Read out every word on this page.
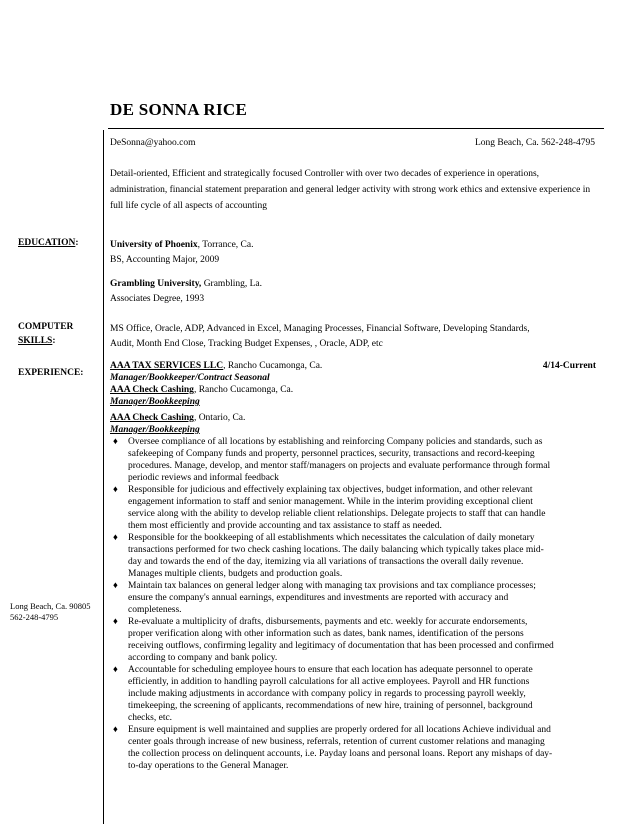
DE SONNA RICE
DeSonna@yahoo.com	Long Beach, Ca. 562-248-4795
Detail-oriented, Efficient and strategically focused Controller with over two decades of experience in operations, administration, financial statement preparation and general ledger activity with strong work ethics and extensive experience in full life cycle of all aspects of accounting
EDUCATION:	University of Phoenix, Torrance, Ca.
BS, Accounting Major, 2009
Grambling University, Grambling, La.
Associates Degree, 1993
COMPUTER
SKILLS:
MS Office, Oracle, ADP, Advanced in Excel, Managing Processes, Financial Software, Developing Standards,
Audit, Month End Close, Tracking Budget Expenses, , Oracle, ADP, etc
EXPERIENCE:
AAA TAX SERVICES LLC, Rancho Cucamonga, Ca.	4/14-Current
Manager/Bookkeeper/Contract Seasonal
AAA Check Cashing, Rancho Cucamonga, Ca.
Manager/Bookkeeping
AAA Check Cashing, Ontario, Ca.
Manager/Bookkeeping
♦ Oversee compliance of all locations by establishing and reinforcing Company policies and standards, such as
safekeeping of Company funds and property, personnel practices, security, transactions and record-keeping
procedures. Manage, develop, and mentor staff/managers on projects and evaluate performance through formal
periodic reviews and informal feedback
♦ Responsible for judicious and effectively explaining tax objectives, budget information, and other relevant
engagement information to staff and senior management. While in the interim providing exceptional client
service along with the ability to develop reliable client relationships. Delegate projects to staff that can handle
them most efficiently and provide accounting and tax assistance to staff as needed.
♦ Responsible for the bookkeeping of all establishments which necessitates the calculation of daily monetary
transactions performed for two check cashing locations. The daily balancing which typically takes place mid-
day and towards the end of the day, itemizing via all variations of transactions the overall daily revenue.
Manages multiple clients, budgets and production goals.
♦ Maintain tax balances on general ledger along with managing tax provisions and tax compliance processes;
ensure the company's annual earnings, expenditures and investments are reported with accuracy and
completeness.
♦ Re-evaluate a multiplicity of drafts, disbursements, payments and etc. weekly for accurate endorsements,
proper verification along with other information such as dates, bank names, identification of the persons
receiving outflows, confirming legality and legitimacy of documentation that has been processed and confirmed
according to company and bank policy.
♦ Accountable for scheduling employee hours to ensure that each location has adequate personnel to operate
efficiently, in addition to handling payroll calculations for all active employees. Payroll and HR functions
include making adjustments in accordance with company policy in regards to processing payroll weekly,
timekeeping, the screening of applicants, recommendations of new hire, training of personnel, background
checks, etc.
♦ Ensure equipment is well maintained and supplies are properly ordered for all locations Achieve individual and
center goals through increase of new business, referrals, retention of current customer relations and managing
the collection process on delinquent accounts, i.e. Payday loans and personal loans. Report any mishaps of day-
to-day operations to the General Manager.
Long Beach, Ca. 90805
562-248-4795
